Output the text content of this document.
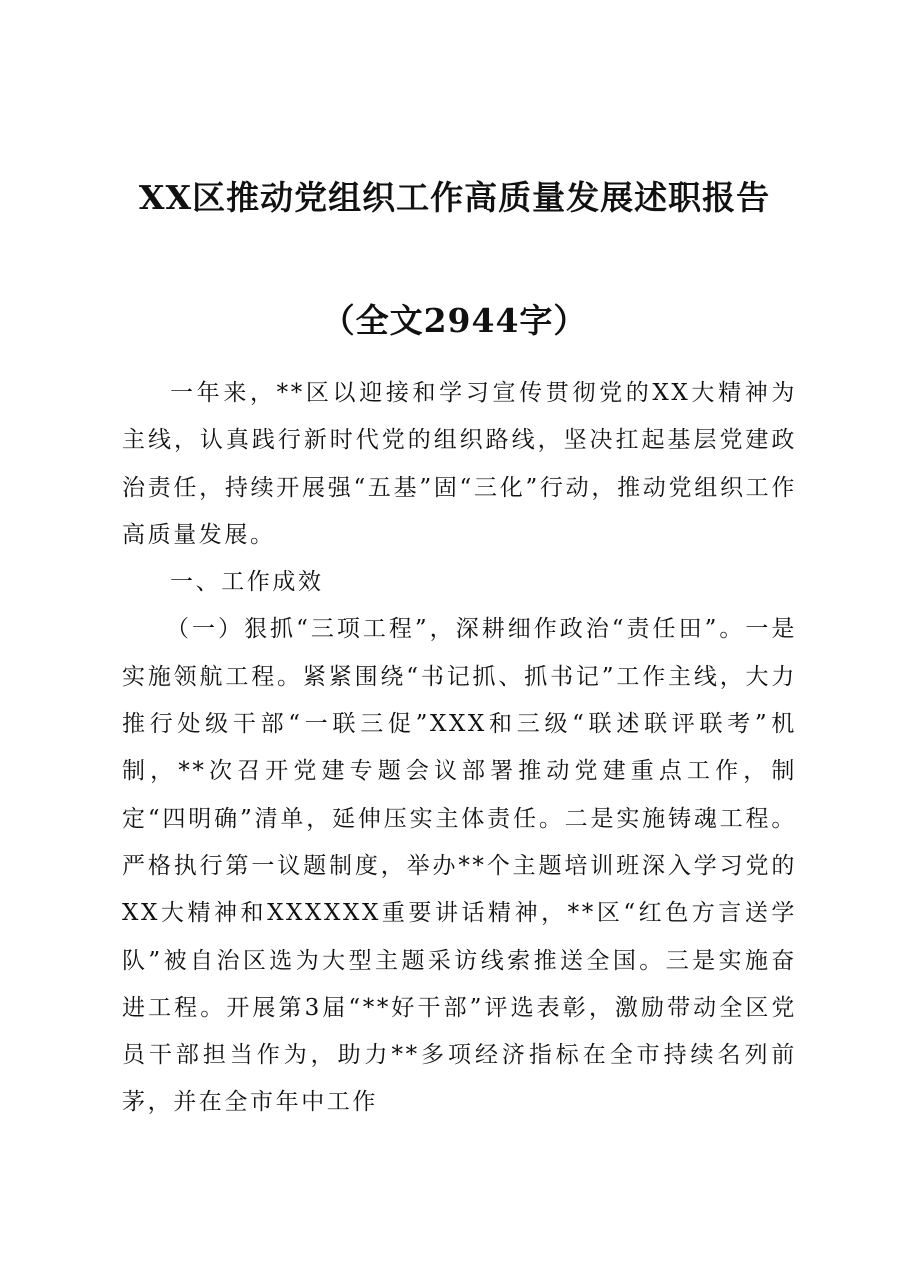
XX区推动党组织工作高质量发展述职报告
（全文2944字）

一年来，**区以迎接和学习宣传贯彻党的XX大精神为主线，认真践行新时代党的组织路线，坚决扛起基层党建政治责任，持续开展强“五基”固“三化”行动，推动党组织工作高质量发展。

一、工作成效

（一）狠抓“三项工程”，深耕细作政治“责任田”。一是实施领航工程。紧紧围绕“书记抓、抓书记”工作主线，大力推行处级干部“一联三促”XXX和三级“联述联评联考”机制，**次召开党建专题会议部署推动党建重点工作，制定“四明确”清单，延伸压实主体责任。二是实施铸魂工程。严格执行第一议题制度，举办**个主题培训班深入学习党的XX大精神和XXXXXX重要讲话精神，**区“红色方言送学队”被自治区选为大型主题采访线索推送全国。三是实施奋进工程。开展第3届“**好干部”评选表彰，激励带动全区党员干部担当作为，助力**多项经济指标在全市持续名列前茅，并在全市年中工作
